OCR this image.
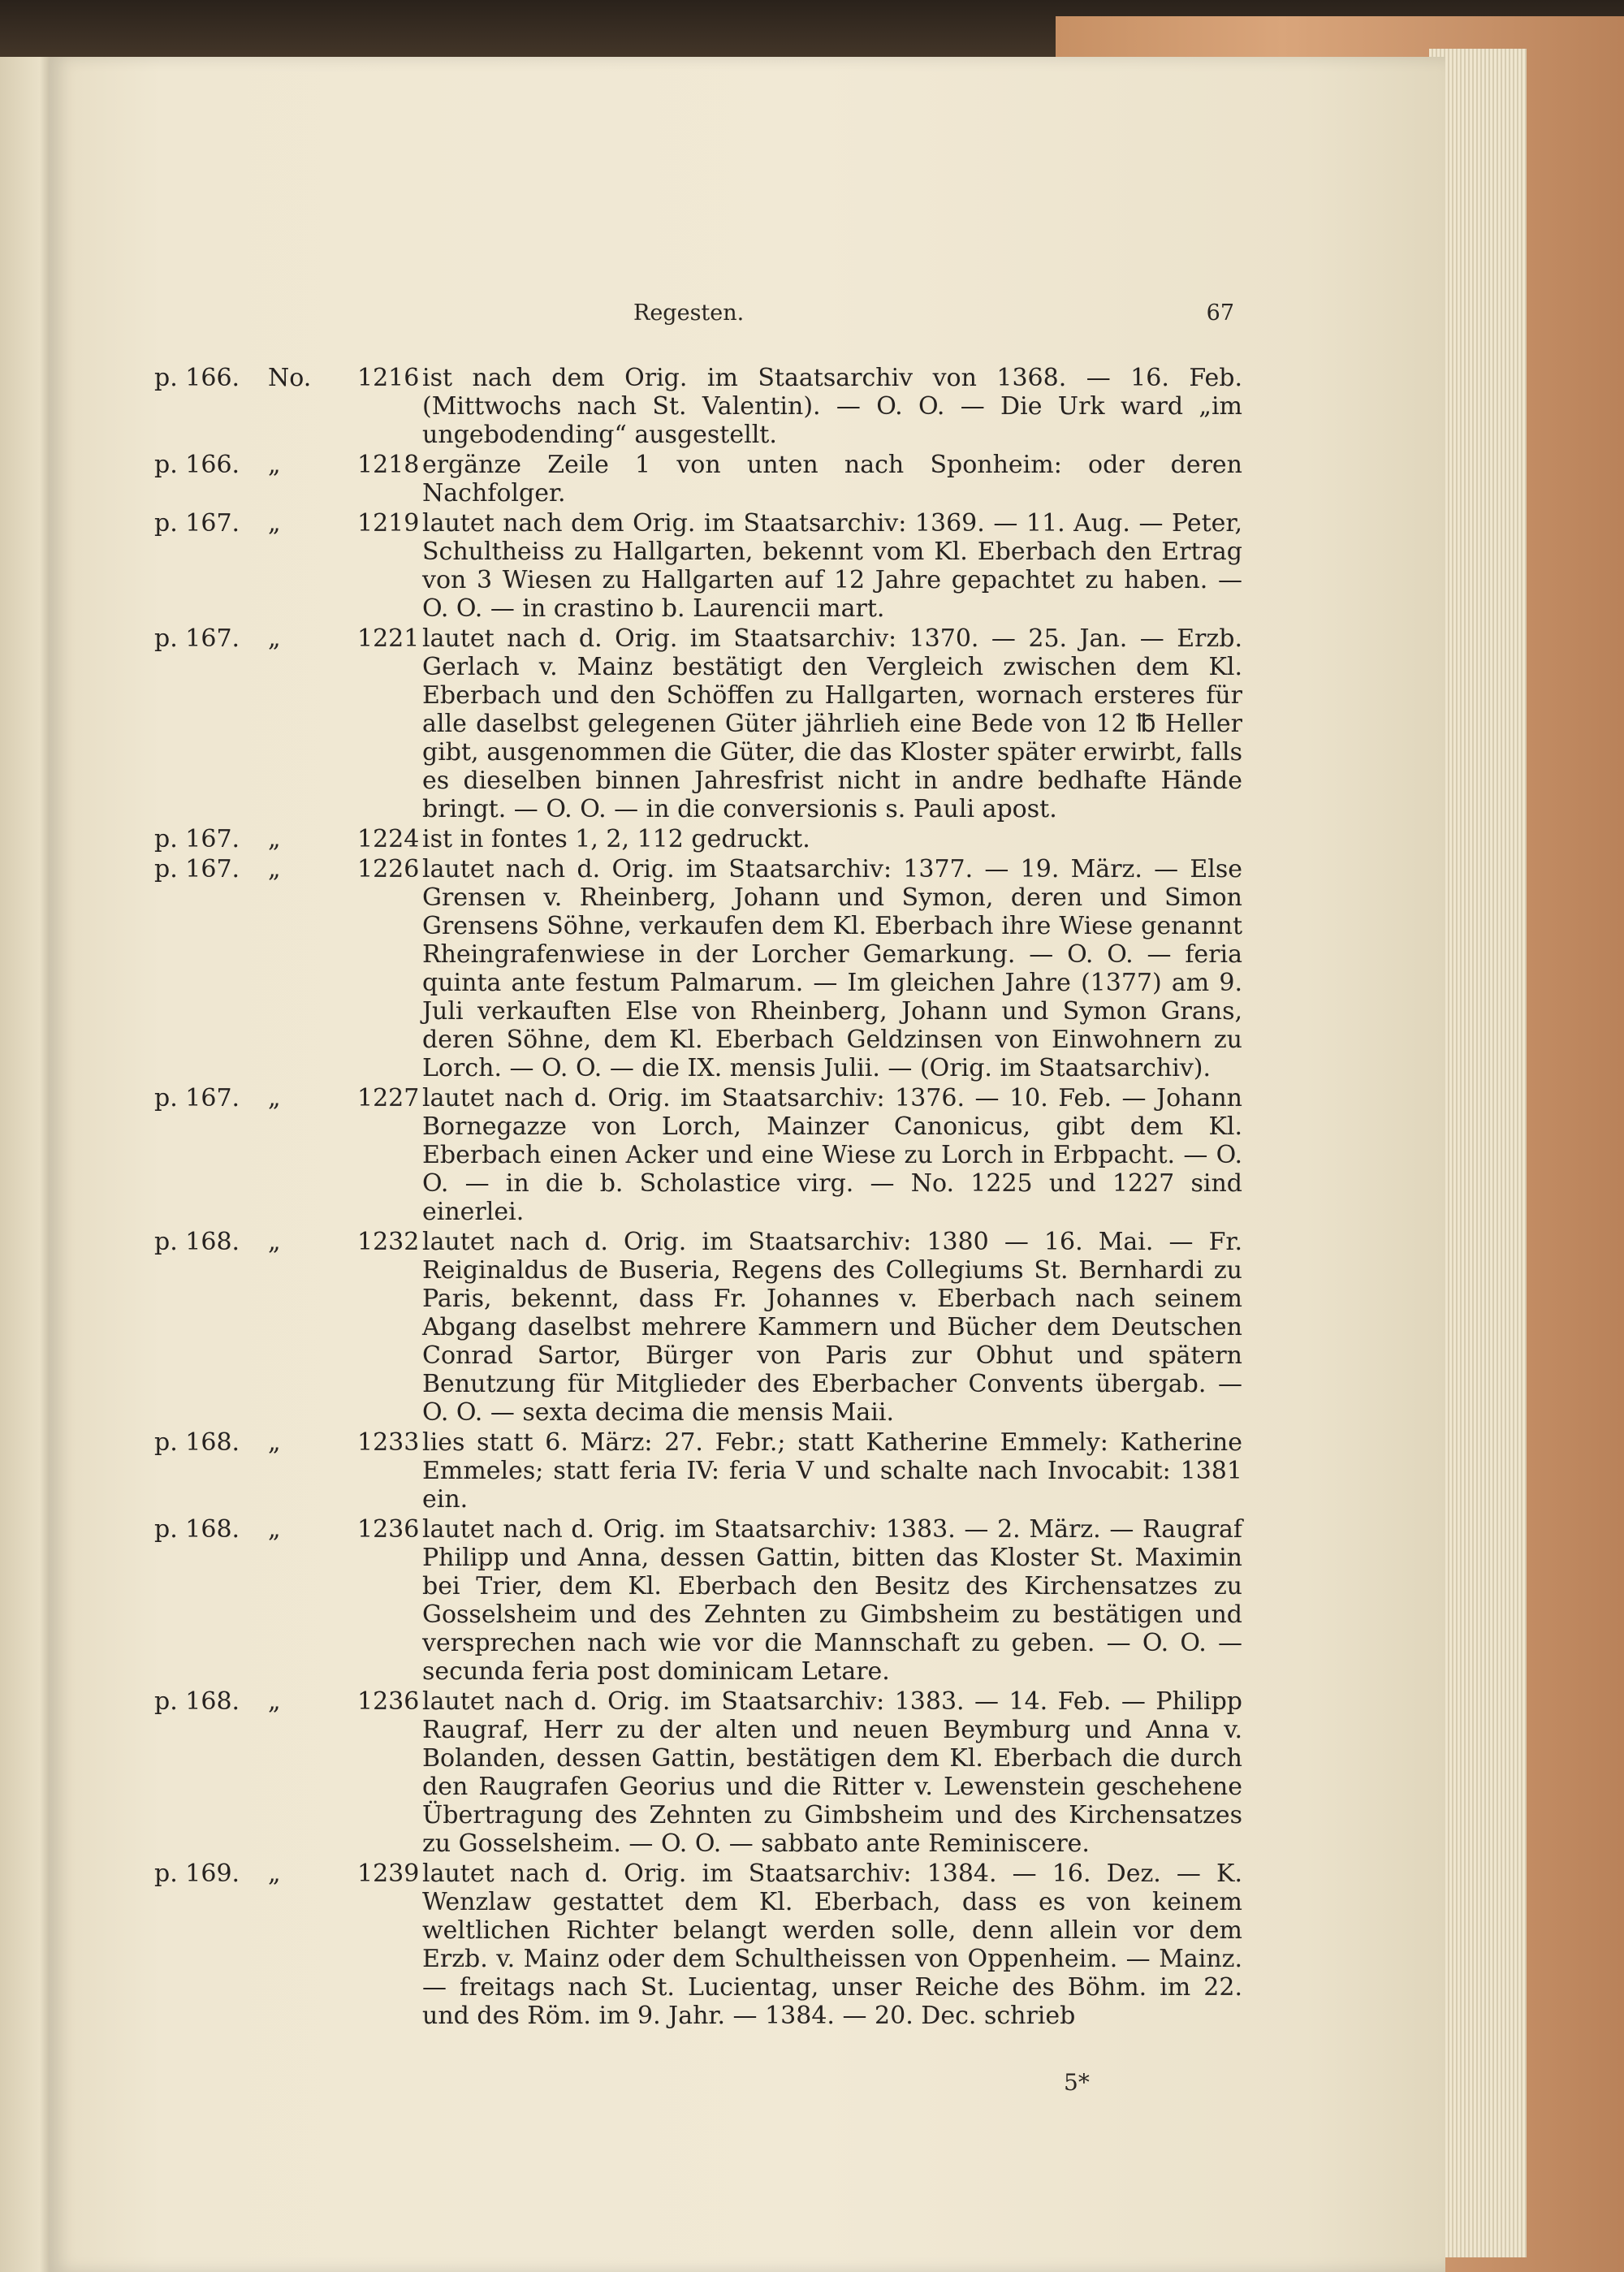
Regesten.	67
p. 166.	No. 1216 ist nach dem Orig. im Staatsarchiv von 1368. — 16. Feb. (Mittwochs nach St. Valentin). — O. O. — Die Urk ward „im ungebodending“ ausgestellt.
p. 166.	„	1218 ergänze Zeile 1 von unten nach Sponheim: oder deren Nachfolger.
p. 167.	„	1219 lautet nach dem Orig. im Staatsarchiv: 1369. — 11. Aug. — Peter, Schultheiss zu Hallgarten, bekennt vom Kl. Eberbach den Ertrag von 3 Wiesen zu Hallgarten auf 12 Jahre gepachtet zu haben. — O. O. — in crastino b. Laurencii mart.
p. 167.	„	1221 lautet nach d. Orig. im Staatsarchiv: 1370. — 25. Jan. — Erzb. Gerlach v. Mainz bestätigt den Vergleich zwischen dem Kl. Eberbach und den Schöffen zu Hallgarten, wornach ersteres für alle daselbst gelegenen Güter jährlieh eine Bede von 12 ℔ Heller gibt, ausgenommen die Güter, die das Kloster später erwirbt, falls es dieselben binnen Jahresfrist nicht in andre bedhafte Hände bringt. — O. O. — in die conversionis s. Pauli apost.
p. 167.	„	1224 ist in fontes 1, 2, 112 gedruckt.
p. 167.	„	1226 lautet nach d. Orig. im Staatsarchiv: 1377. — 19. März. — Else Grensen v. Rheinberg, Johann und Symon, deren und Simon Grensens Söhne, verkaufen dem Kl. Eberbach ihre Wiese genannt Rheingrafenwiese in der Lorcher Gemarkung. — O. O. — feria quinta ante festum Palmarum. — Im gleichen Jahre (1377) am 9. Juli verkauften Else von Rheinberg, Johann und Symon Grans, deren Söhne, dem Kl. Eberbach Geldzinsen von Einwohnern zu Lorch. — O. O. — die IX. mensis Julii. — (Orig. im Staatsarchiv).
p. 167.	„	1227 lautet nach d. Orig. im Staatsarchiv: 1376. — 10. Feb. — Johann Bornegazze von Lorch, Mainzer Canonicus, gibt dem Kl. Eberbach einen Acker und eine Wiese zu Lorch in Erbpacht. — O. O. — in die b. Scholastice virg. — No. 1225 und 1227 sind einerlei.
p. 168.	„	1232 lautet nach d. Orig. im Staatsarchiv: 1380 — 16. Mai. — Fr. Reiginaldus de Buseria, Regens des Collegiums St. Bernhardi zu Paris, bekennt, dass Fr. Johannes v. Eberbach nach seinem Abgang daselbst mehrere Kammern und Bücher dem Deutschen Conrad Sartor, Bürger von Paris zur Obhut und spätern Benutzung für Mitglieder des Eberbacher Convents übergab. — O. O. — sexta decima die mensis Maii.
p. 168.	„	1233 lies statt 6. März: 27. Febr.; statt Katherine Emmely: Katherine Emmeles; statt feria IV: feria V und schalte nach Invocabit: 1381 ein.
p. 168.	„	1236 lautet nach d. Orig. im Staatsarchiv: 1383. — 2. März. — Raugraf Philipp und Anna, dessen Gattin, bitten das Kloster St. Maximin bei Trier, dem Kl. Eberbach den Besitz des Kirchensatzes zu Gosselsheim und des Zehnten zu Gimbsheim zu bestätigen und versprechen nach wie vor die Mannschaft zu geben. — O. O. — secunda feria post dominicam Letare.
p. 168.	„	1236 lautet nach d. Orig. im Staatsarchiv: 1383. — 14. Feb. — Philipp Raugraf, Herr zu der alten und neuen Beymburg und Anna v. Bolanden, dessen Gattin, bestätigen dem Kl. Eberbach die durch den Raugrafen Georius und die Ritter v. Lewenstein geschehene Übertragung des Zehnten zu Gimbsheim und des Kirchensatzes zu Gosselsheim. — O. O. — sabbato ante Reminiscere.
p. 169.	„	1239 lautet nach d. Orig. im Staatsarchiv: 1384. — 16. Dez. — K. Wenzlaw gestattet dem Kl. Eberbach, dass es von keinem weltlichen Richter belangt werden solle, denn allein vor dem Erzb. v. Mainz oder dem Schultheissen von Oppenheim. — Mainz. — freitags nach St. Lucientag, unser Reiche des Böhm. im 22. und des Röm. im 9. Jahr. — 1384. — 20. Dec. schrieb
5*
